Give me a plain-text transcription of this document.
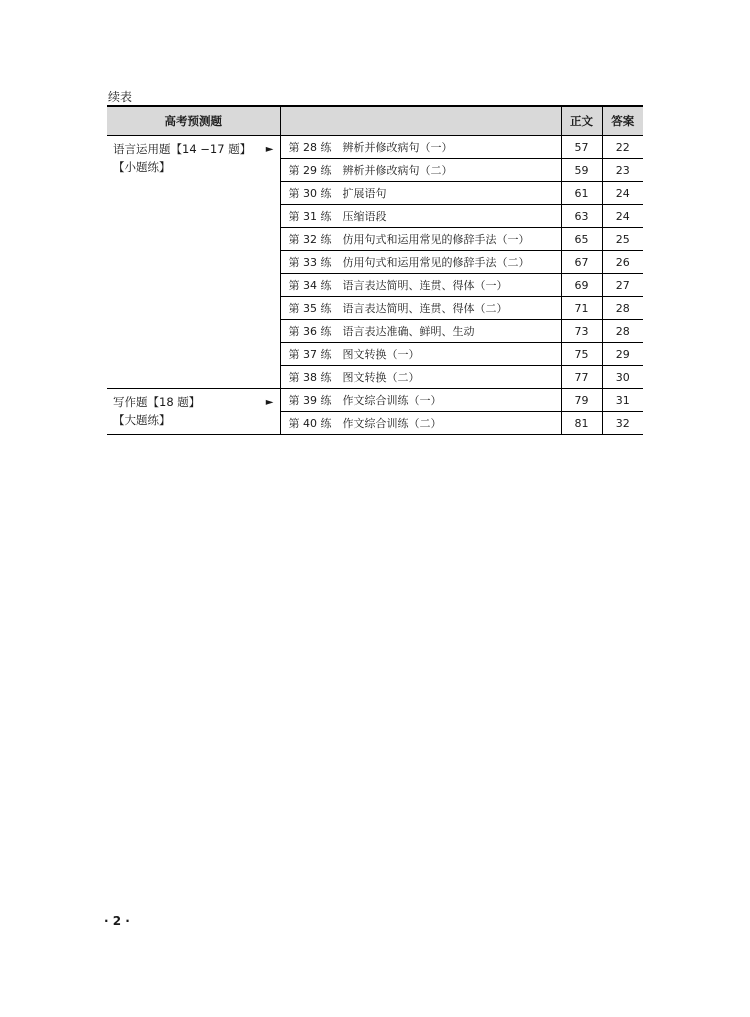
续表
高考预测题		正文	答案

语言运用题【14 −17 题】
【小题练】
►	第 28 练 辨析并修改病句（一）	57	22
	第 29 练 辨析并修改病句（二）	59	23
	第 30 练 扩展语句	61	24
	第 31 练 压缩语段	63	24
	第 32 练 仿用句式和运用常见的修辞手法（一）	65	25
	第 33 练 仿用句式和运用常见的修辞手法（二）	67	26
	第 34 练 语言表达简明、连贯、得体（一）	69	27
	第 35 练 语言表达简明、连贯、得体（二）	71	28
	第 36 练 语言表达准确、鲜明、生动	73	28
	第 37 练 图文转换（一）	75	29
	第 38 练 图文转换（二）	77	30

写作题【18 题】
【大题练】
►	第 39 练 作文综合训练（一）	79	31
	第 40 练 作文综合训练（二）	81	32
· 2 ·
